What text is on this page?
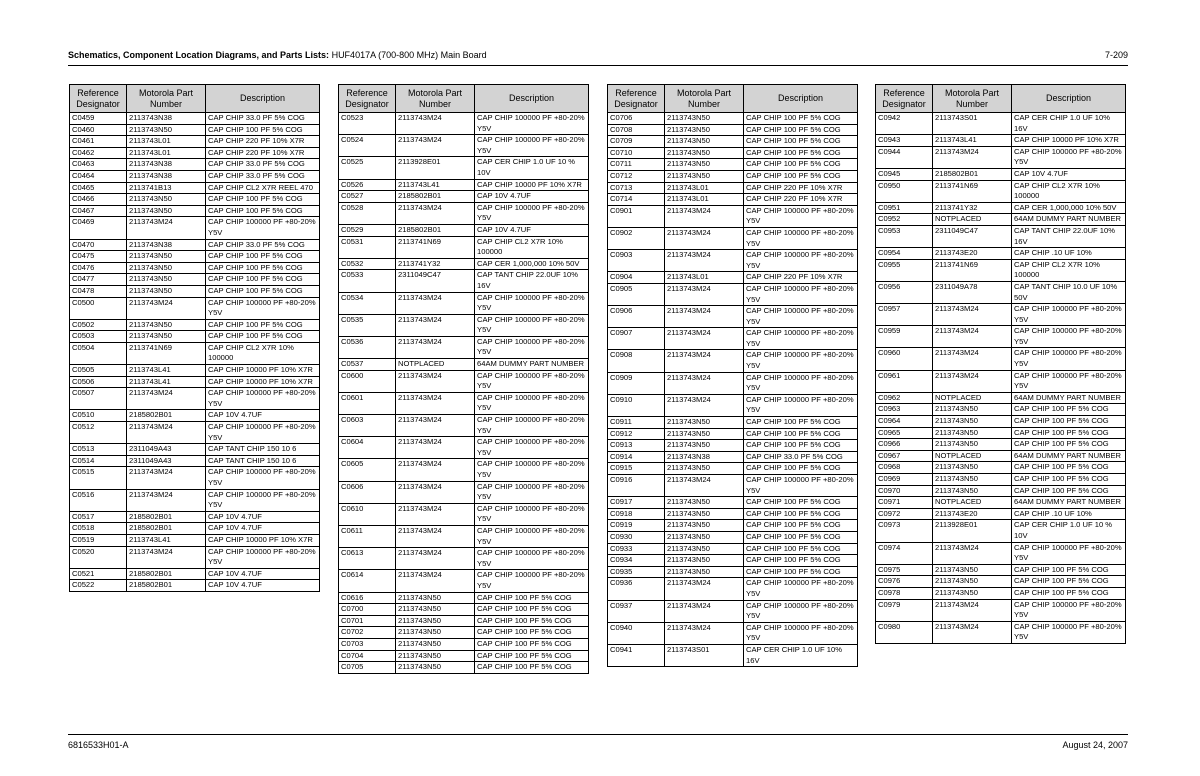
Schematics, Component Location Diagrams, and Parts Lists: HUF4017A (700-800 MHz) Main Board	7-209
Reference Designator	Motorola Part Number	Description
C0459	2113743N38	CAP CHIP 33.0 PF 5% COG
C0460	2113743N50	CAP CHIP 100 PF 5% COG
C0461	2113743L01	CAP CHIP 220 PF 10% X7R
C0462	2113743L01	CAP CHIP 220 PF 10% X7R
C0463	2113743N38	CAP CHIP 33.0 PF 5% COG
C0464	2113743N38	CAP CHIP 33.0 PF 5% COG
C0465	2113741B13	CAP CHIP CL2 X7R REEL 470
C0466	2113743N50	CAP CHIP 100 PF 5% COG
C0467	2113743N50	CAP CHIP 100 PF 5% COG
C0469	2113743M24	CAP CHIP 100000 PF +80-20% Y5V
C0470	2113743N38	CAP CHIP 33.0 PF 5% COG
C0475	2113743N50	CAP CHIP 100 PF 5% COG
C0476	2113743N50	CAP CHIP 100 PF 5% COG
C0477	2113743N50	CAP CHIP 100 PF 5% COG
C0478	2113743N50	CAP CHIP 100 PF 5% COG
C0500	2113743M24	CAP CHIP 100000 PF +80-20% Y5V
C0502	2113743N50	CAP CHIP 100 PF 5% COG
C0503	2113743N50	CAP CHIP 100 PF 5% COG
C0504	2113741N69	CAP CHIP CL2 X7R 10% 100000
C0505	2113743L41	CAP CHIP 10000 PF 10% X7R
C0506	2113743L41	CAP CHIP 10000 PF 10% X7R
C0507	2113743M24	CAP CHIP 100000 PF +80-20% Y5V
C0510	2185802B01	CAP 10V 4.7UF
C0512	2113743M24	CAP CHIP 100000 PF +80-20% Y5V
C0513	2311049A43	CAP TANT CHIP 150 10 6
C0514	2311049A43	CAP TANT CHIP 150 10 6
C0515	2113743M24	CAP CHIP 100000 PF +80-20% Y5V
C0516	2113743M24	CAP CHIP 100000 PF +80-20% Y5V
C0517	2185802B01	CAP 10V 4.7UF
C0518	2185802B01	CAP 10V 4.7UF
C0519	2113743L41	CAP CHIP 10000 PF 10% X7R
C0520	2113743M24	CAP CHIP 100000 PF +80-20% Y5V
C0521	2185802B01	CAP 10V 4.7UF
C0522	2185802B01	CAP 10V 4.7UF
Reference Designator	Motorola Part Number	Description
C0523	2113743M24	CAP CHIP 100000 PF +80-20% Y5V
C0524	2113743M24	CAP CHIP 100000 PF +80-20% Y5V
C0525	2113928E01	CAP CER CHIP 1.0 UF 10 % 10V
C0526	2113743L41	CAP CHIP 10000 PF 10% X7R
C0527	2185802B01	CAP 10V 4.7UF
C0528	2113743M24	CAP CHIP 100000 PF +80-20% Y5V
C0529	2185802B01	CAP 10V 4.7UF
C0531	2113741N69	CAP CHIP CL2 X7R 10% 100000
C0532	2113741Y32	CAP CER 1,000,000 10% 50V
C0533	2311049C47	CAP TANT CHIP 22.0UF 10% 16V
C0534	2113743M24	CAP CHIP 100000 PF +80-20% Y5V
C0535	2113743M24	CAP CHIP 100000 PF +80-20% Y5V
C0536	2113743M24	CAP CHIP 100000 PF +80-20% Y5V
C0537	NOTPLACED	64AM DUMMY PART NUMBER
C0600	2113743M24	CAP CHIP 100000 PF +80-20% Y5V
C0601	2113743M24	CAP CHIP 100000 PF +80-20% Y5V
C0603	2113743M24	CAP CHIP 100000 PF +80-20% Y5V
C0604	2113743M24	CAP CHIP 100000 PF +80-20% Y5V
C0605	2113743M24	CAP CHIP 100000 PF +80-20% Y5V
C0606	2113743M24	CAP CHIP 100000 PF +80-20% Y5V
C0610	2113743M24	CAP CHIP 100000 PF +80-20% Y5V
C0611	2113743M24	CAP CHIP 100000 PF +80-20% Y5V
C0613	2113743M24	CAP CHIP 100000 PF +80-20% Y5V
C0614	2113743M24	CAP CHIP 100000 PF +80-20% Y5V
C0616	2113743N50	CAP CHIP 100 PF 5% COG
C0700	2113743N50	CAP CHIP 100 PF 5% COG
C0701	2113743N50	CAP CHIP 100 PF 5% COG
C0702	2113743N50	CAP CHIP 100 PF 5% COG
C0703	2113743N50	CAP CHIP 100 PF 5% COG
C0704	2113743N50	CAP CHIP 100 PF 5% COG
C0705	2113743N50	CAP CHIP 100 PF 5% COG
Reference Designator	Motorola Part Number	Description
C0706	2113743N50	CAP CHIP 100 PF 5% COG
C0708	2113743N50	CAP CHIP 100 PF 5% COG
C0709	2113743N50	CAP CHIP 100 PF 5% COG
C0710	2113743N50	CAP CHIP 100 PF 5% COG
C0711	2113743N50	CAP CHIP 100 PF 5% COG
C0712	2113743N50	CAP CHIP 100 PF 5% COG
C0713	2113743L01	CAP CHIP 220 PF 10% X7R
C0714	2113743L01	CAP CHIP 220 PF 10% X7R
C0901	2113743M24	CAP CHIP 100000 PF +80-20% Y5V
C0902	2113743M24	CAP CHIP 100000 PF +80-20% Y5V
C0903	2113743M24	CAP CHIP 100000 PF +80-20% Y5V
C0904	2113743L01	CAP CHIP 220 PF 10% X7R
C0905	2113743M24	CAP CHIP 100000 PF +80-20% Y5V
C0906	2113743M24	CAP CHIP 100000 PF +80-20% Y5V
C0907	2113743M24	CAP CHIP 100000 PF +80-20% Y5V
C0908	2113743M24	CAP CHIP 100000 PF +80-20% Y5V
C0909	2113743M24	CAP CHIP 100000 PF +80-20% Y5V
C0910	2113743M24	CAP CHIP 100000 PF +80-20% Y5V
C0911	2113743N50	CAP CHIP 100 PF 5% COG
C0912	2113743N50	CAP CHIP 100 PF 5% COG
C0913	2113743N50	CAP CHIP 100 PF 5% COG
C0914	2113743N38	CAP CHIP 33.0 PF 5% COG
C0915	2113743N50	CAP CHIP 100 PF 5% COG
C0916	2113743M24	CAP CHIP 100000 PF +80-20% Y5V
C0917	2113743N50	CAP CHIP 100 PF 5% COG
C0918	2113743N50	CAP CHIP 100 PF 5% COG
C0919	2113743N50	CAP CHIP 100 PF 5% COG
C0930	2113743N50	CAP CHIP 100 PF 5% COG
C0933	2113743N50	CAP CHIP 100 PF 5% COG
C0934	2113743N50	CAP CHIP 100 PF 5% COG
C0935	2113743N50	CAP CHIP 100 PF 5% COG
C0936	2113743M24	CAP CHIP 100000 PF +80-20% Y5V
C0937	2113743M24	CAP CHIP 100000 PF +80-20% Y5V
C0940	2113743M24	CAP CHIP 100000 PF +80-20% Y5V
C0941	2113743S01	CAP CER CHIP 1.0 UF 10% 16V
Reference Designator	Motorola Part Number	Description
C0942	2113743S01	CAP CER CHIP 1.0 UF 10% 16V
C0943	2113743L41	CAP CHIP 10000 PF 10% X7R
C0944	2113743M24	CAP CHIP 100000 PF +80-20% Y5V
C0945	2185802B01	CAP 10V 4.7UF
C0950	2113741N69	CAP CHIP CL2 X7R 10% 100000
C0951	2113741Y32	CAP CER 1,000,000 10% 50V
C0952	NOTPLACED	64AM DUMMY PART NUMBER
C0953	2311049C47	CAP TANT CHIP 22.0UF 10% 16V
C0954	2113743E20	CAP CHIP .10 UF 10%
C0955	2113741N69	CAP CHIP CL2 X7R 10% 100000
C0956	2311049A78	CAP TANT CHIP 10.0 UF 10% 50V
C0957	2113743M24	CAP CHIP 100000 PF +80-20% Y5V
C0959	2113743M24	CAP CHIP 100000 PF +80-20% Y5V
C0960	2113743M24	CAP CHIP 100000 PF +80-20% Y5V
C0961	2113743M24	CAP CHIP 100000 PF +80-20% Y5V
C0962	NOTPLACED	64AM DUMMY PART NUMBER
C0963	2113743N50	CAP CHIP 100 PF 5% COG
C0964	2113743N50	CAP CHIP 100 PF 5% COG
C0965	2113743N50	CAP CHIP 100 PF 5% COG
C0966	2113743N50	CAP CHIP 100 PF 5% COG
C0967	NOTPLACED	64AM DUMMY PART NUMBER
C0968	2113743N50	CAP CHIP 100 PF 5% COG
C0969	2113743N50	CAP CHIP 100 PF 5% COG
C0970	2113743N50	CAP CHIP 100 PF 5% COG
C0971	NOTPLACED	64AM DUMMY PART NUMBER
C0972	2113743E20	CAP CHIP .10 UF 10%
C0973	2113928E01	CAP CER CHIP 1.0 UF 10 % 10V
C0974	2113743M24	CAP CHIP 100000 PF +80-20% Y5V
C0975	2113743N50	CAP CHIP 100 PF 5% COG
C0976	2113743N50	CAP CHIP 100 PF 5% COG
C0978	2113743N50	CAP CHIP 100 PF 5% COG
C0979	2113743M24	CAP CHIP 100000 PF +80-20% Y5V
C0980	2113743M24	CAP CHIP 100000 PF +80-20% Y5V
6816533H01-A	August 24, 2007
